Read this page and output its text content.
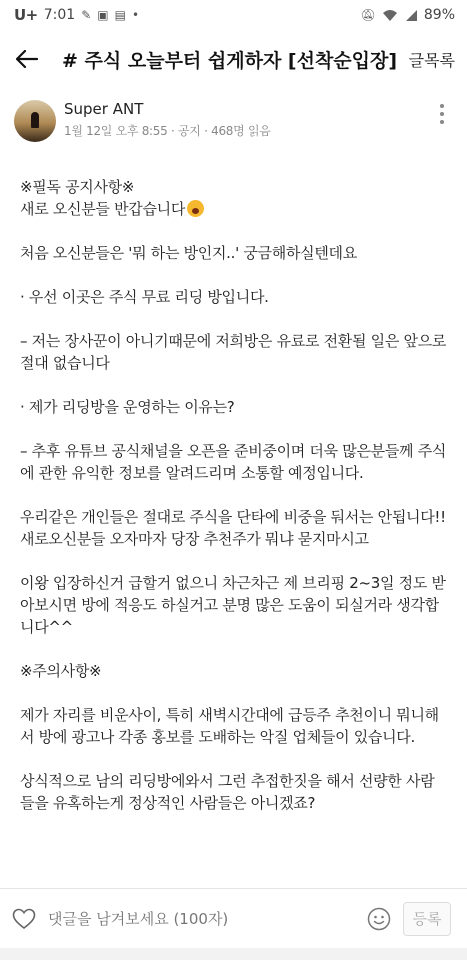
U+ 7:01 ✎ ▣ ▤ •	🔕︎	89%
# 주식 오늘부터 쉽게하자 [선착순입장] 글목록
Super ANT
1월 12일 오후 8:55 · 공지 · 468명 읽음
※필독 공지사항※
새로 오신분들 반갑습니다
처음 오신분들은 '뭐 하는 방인지..' 궁금해하실텐데요
· 우선 이곳은 주식 무료 리딩 방입니다.
– 저는 장사꾼이 아니기때문에 저희방은 유료로 전환될 일은 앞으로 절대 없습니다
· 제가 리딩방을 운영하는 이유는?
– 추후 유튜브 공식채널을 오픈을 준비중이며 더욱 많은분들께 주식에 관한 유익한 정보를 알려드리며 소통할 예정입니다.
우리같은 개인들은 절대로 주식을 단타에 비중을 둬서는 안됩니다!!
새로오신분들 오자마자 당장 추천주가 뭐냐 묻지마시고
이왕 입장하신거 급할거 없으니 차근차근 제 브리핑 2~3일 정도 받아보시면 방에 적응도 하실거고 분명 많은 도움이 되실거라 생각합니다^^
※주의사항※
제가 자리를 비운사이, 특히 새벽시간대에 급등주 추천이니 뭐니해서 방에 광고나 각종 홍보를 도배하는 악질 업체들이 있습니다.
상식적으로 남의 리딩방에와서 그런 추접한짓을 해서 선량한 사람들을 유혹하는게 정상적인 사람들은 아니겠죠?
댓글을 남겨보세요 (100자)	등록
